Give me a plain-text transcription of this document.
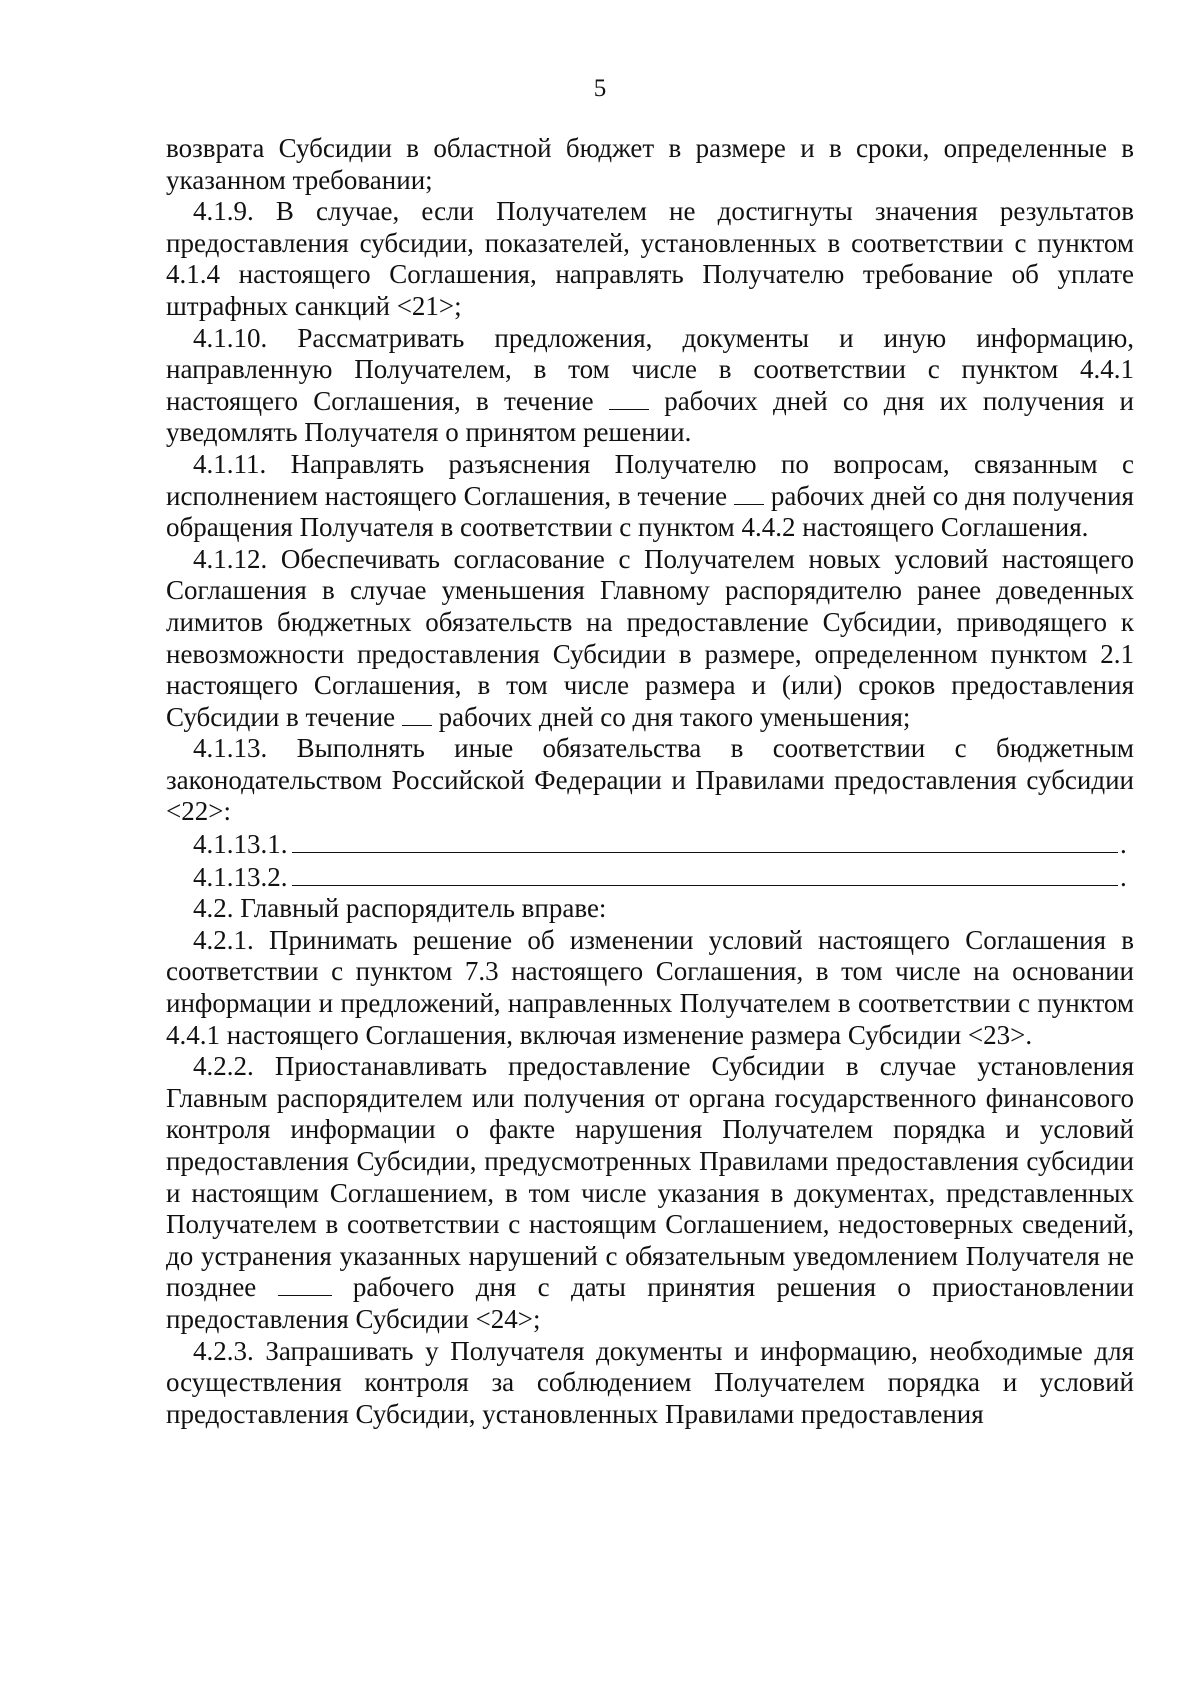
5

возврата Субсидии в областной бюджет в размере и в сроки, определенные в указанном требовании;

4.1.9. В случае, если Получателем не достигнуты значения результатов предоставления субсидии, показателей, установленных в соответствии с пунктом 4.1.4 настоящего Соглашения, направлять Получателю требование об уплате штрафных санкций <21>;

4.1.10. Рассматривать предложения, документы и иную информацию, направленную Получателем, в том числе в соответствии с пунктом 4.4.1 настоящего Соглашения, в течение  рабочих дней со дня их получения и уведомлять Получателя о принятом решении.

4.1.11. Направлять разъяснения Получателю по вопросам, связанным с исполнением настоящего Соглашения, в течение  рабочих дней со дня получения обращения Получателя в соответствии с пунктом 4.4.2 настоящего Соглашения.

4.1.12. Обеспечивать согласование с Получателем новых условий настоящего Соглашения в случае уменьшения Главному распорядителю ранее доведенных лимитов бюджетных обязательств на предоставление Субсидии, приводящего к невозможности предоставления Субсидии в размере, определенном пунктом 2.1 настоящего Соглашения, в том числе размера и (или) сроков предоставления Субсидии в течение  рабочих дней со дня такого уменьшения;

4.1.13. Выполнять иные обязательства в соответствии с бюджетным законодательством Российской Федерации и Правилами предоставления субсидии <22>:

4.1.13.1.	.
4.1.13.2.	.

4.2. Главный распорядитель вправе:

4.2.1. Принимать решение об изменении условий настоящего Соглашения в соответствии с пунктом 7.3 настоящего Соглашения, в том числе на основании информации и предложений, направленных Получателем в соответствии с пунктом 4.4.1 настоящего Соглашения, включая изменение размера Субсидии <23>.

4.2.2. Приостанавливать предоставление Субсидии в случае установления Главным распорядителем или получения от органа государственного финансового контроля информации о факте нарушения Получателем порядка и условий предоставления Субсидии, предусмотренных Правилами предоставления субсидии и настоящим Соглашением, в том числе указания в документах, представленных Получателем в соответствии с настоящим Соглашением, недостоверных сведений, до устранения указанных нарушений с обязательным уведомлением Получателя не позднее  рабочего дня с даты принятия решения о приостановлении предоставления Субсидии <24>;

4.2.3. Запрашивать у Получателя документы и информацию, необходимые для осуществления контроля за соблюдением Получателем порядка и условий предоставления Субсидии, установленных Правилами предоставления
